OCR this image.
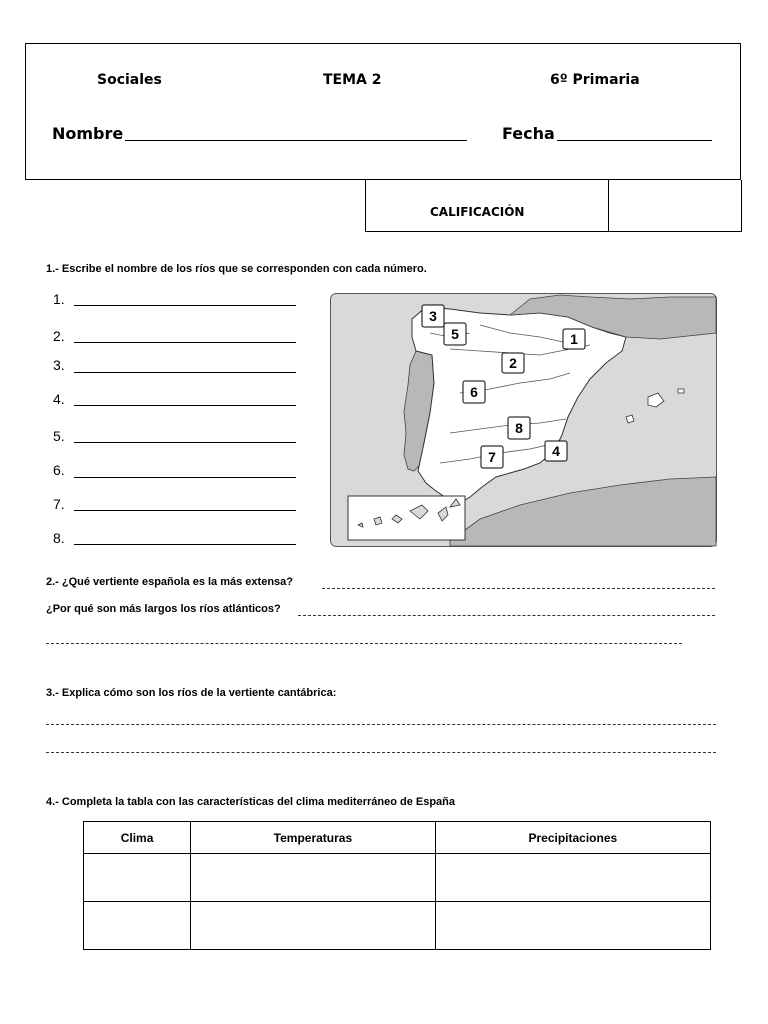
Sociales	TEMA 2	6º Primaria
Nombre	Fecha
CALIFICACIÓN
1.- Escribe el nombre de los ríos que se corresponden con cada número.
1.
2.
3.
4.
5.
6.
7.
8.
1
2
3
4
5
6
7
8
2.- ¿Qué vertiente española es la más extensa?
¿Por qué son más largos los ríos atlánticos?
3.- Explica cómo son los ríos de la vertiente cantábrica:
4.- Completa la tabla con las características del clima mediterráneo de España
Clima	Temperaturas	Precipitaciones
